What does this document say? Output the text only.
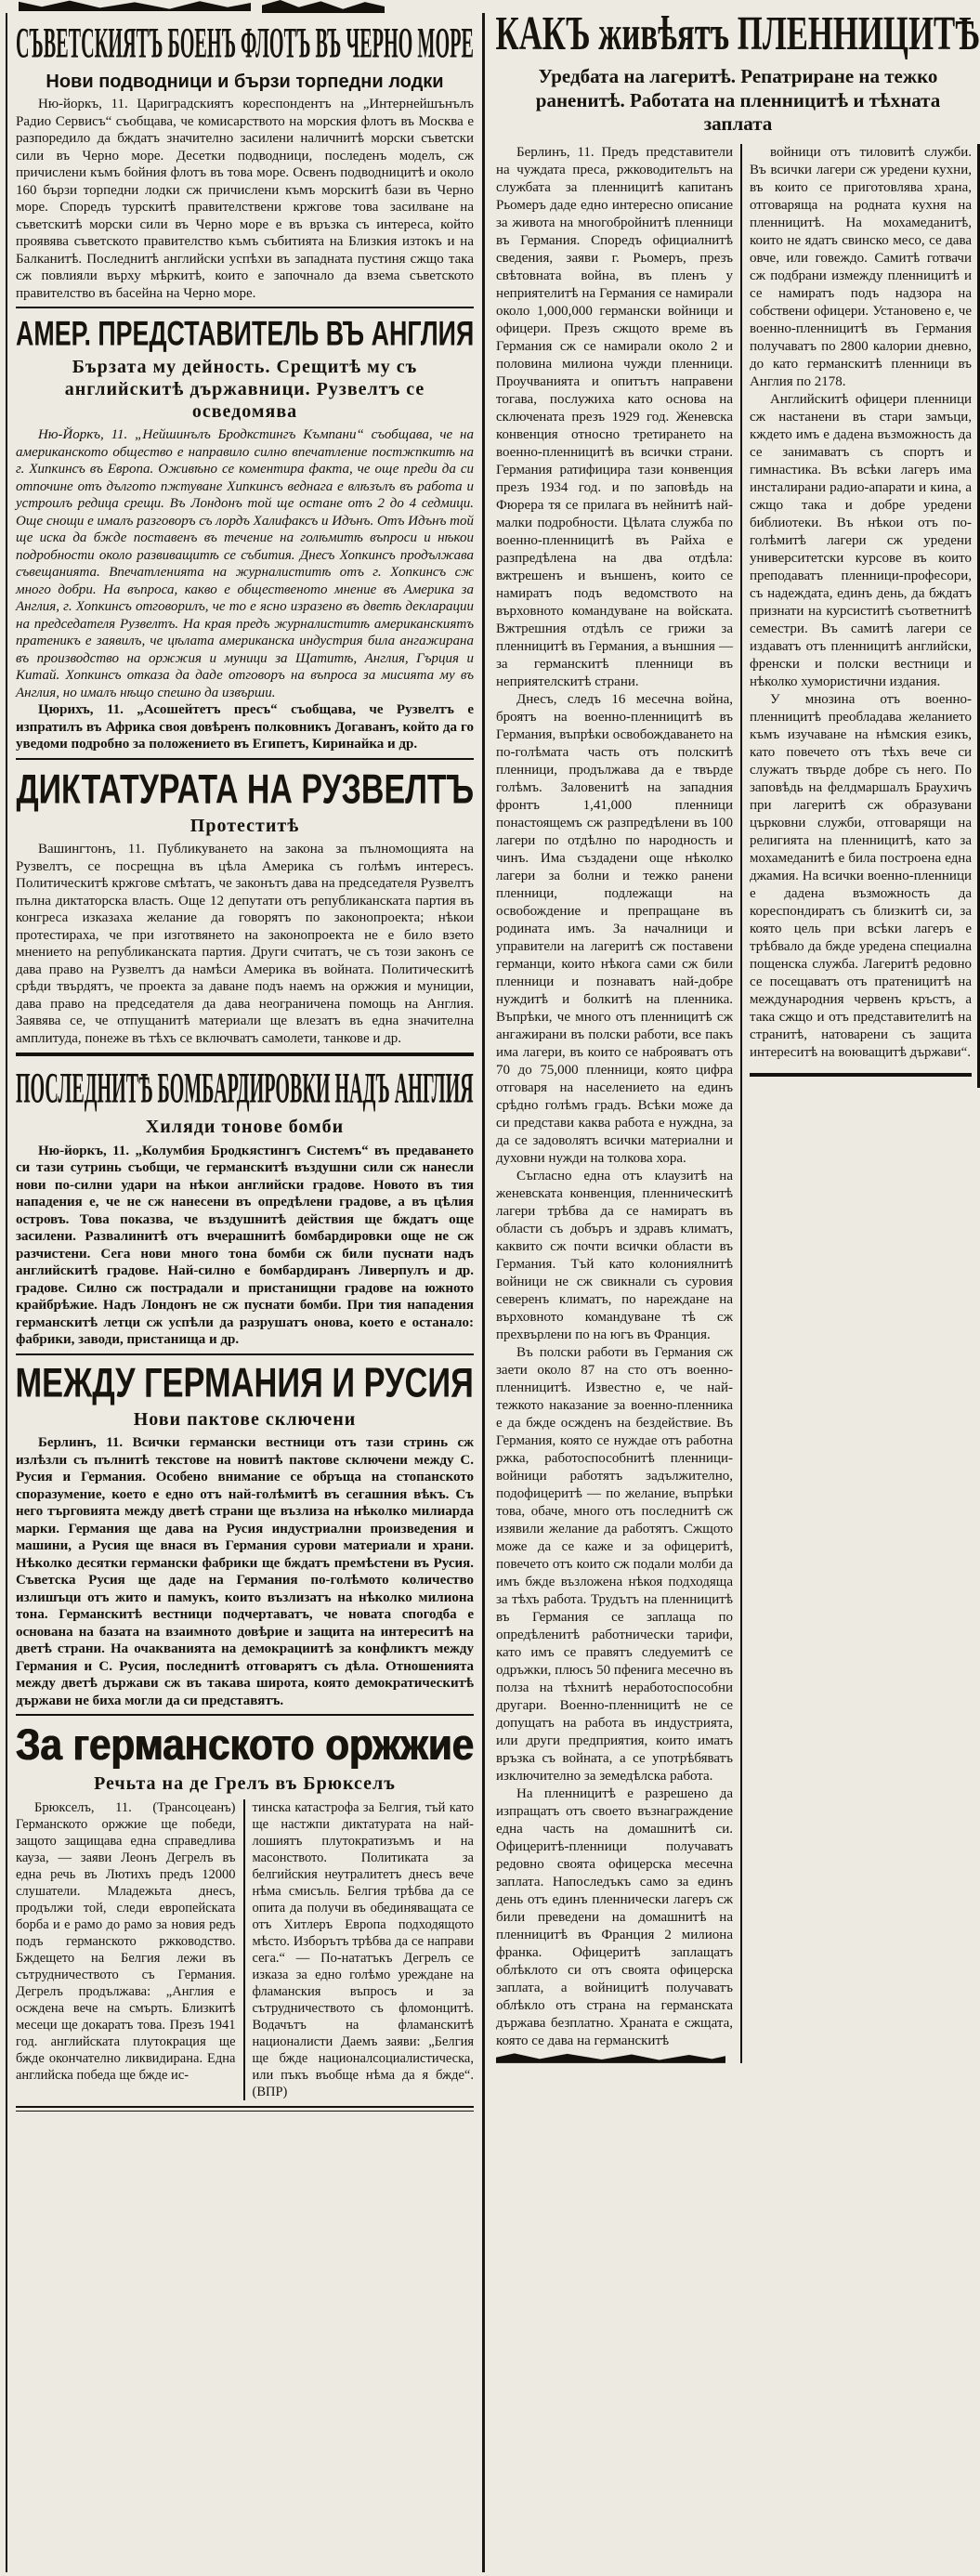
СЪВЕТСКИЯТЪ БОЕНЪ ФЛОТЪ ВЪ ЧЕРНО МОРЕ
Нови подводници и бързи торпедни лодки

Ню-йоркъ, 11. Цариградскиятъ кореспондентъ на „Интернейшънълъ Радио Сервисъ“ съобщава, че комисарството на морския флотъ въ Москва е разпоредило да бждатъ значително засилени наличнитѣ морски съветски сили въ Черно море. Десетки подводници, последенъ моделъ, сж причислени къмъ бойния флотъ въ това море. Освенъ подводницитѣ и около 160 бързи торпедни лодки сж причислени къмъ морскитѣ бази въ Черно море. Споредъ турскитѣ правителствени кржгове това засилване на съветскитѣ морски сили въ Черно море е въ връзка съ интереса, който проявява съветското правителство къмъ събитията на Близкия изтокъ и на Балканитѣ. Последнитѣ английски успѣхи въ западната пустиня сжщо така сж повлияли върху мѣркитѣ, които е започнало да взема съветското правителство въ басейна на Черно море.

АМЕР. ПРЕДСТАВИТЕЛЬ ВЪ АНГЛИЯ
Бързата му дейность. Срещитѣ му съ английскитѣ държавници. Рузвелтъ се осведомява

Ню-Йоркъ, 11. „Нейшинълъ Бродкстингъ Къмпани“ съобщава, че на американското общество е направило силно впечатление постжпкитѣ на г. Хипкинсъ въ Европа. Оживѣно се коментира факта, че още преди да си отпочине отъ дългото пжтуване Хипкинсъ веднага е влѣзълъ въ работа и устроилъ редица срещи. Въ Лондонъ той ще остане отъ 2 до 4 седмици. Още снощи е ималъ разговоръ съ лордъ Халифаксъ и Идънъ. Отъ Идънъ той ще иска да бжде поставенъ въ течение на голѣмитѣ въпроси и нѣкои подробности около развиващитѣ се събития. Днесъ Хопкинсъ продължава съвещанията. Впечатленията на журналиститѣ отъ г. Хопкинсъ сж много добри. На въпроса, какво е общественото мнение въ Америка за Англия, г. Хопкинсъ отговорилъ, че то е ясно изразено въ дветѣ декларации на председателя Рузвелтъ. На края предъ журналиститѣ американскиятъ пратеникъ е заявилъ, че цѣлата американска индустрия била ангажирана въ производство на оржжия и муници за Щатитѣ, Англия, Гърция и Китай. Хопкинсъ отказа да даде отговоръ на въпроса за мисията му въ Англия, но ималъ нѣщо спешно да извърши.

Цюрихъ, 11. „Асошейтетъ пресъ“ съобщава, че Рузвелтъ е изпратилъ въ Африка своя довѣренъ полковникъ Догаванъ, който да го уведоми подробно за положението въ Египетъ, Киринайка и др.

ДИКТАТУРАТА НА РУЗВЕЛТЪ
Протеститѣ

Вашингтонъ, 11. Публикуването на закона за пълномощията на Рузвелтъ, се посрещна въ цѣла Америка съ голѣмъ интересъ. Политическитѣ кржгове смѣтатъ, че законътъ дава на председателя Рузвелтъ пълна диктаторска власть. Още 12 депутати отъ републиканската партия въ конгреса изказаха желание да говорятъ по законопроекта; нѣкои протестираха, че при изготвянето на законопроекта не е било взето мнението на републиканската партия. Други считатъ, че съ този законъ се дава право на Рузвелтъ да намѣси Америка въ войната. Политическитѣ срѣди твърдятъ, че проекта за даване подъ наемъ на оржжия и муниции, дава право на председателя да дава неограничена помощь на Англия. Заявява се, че отпущанитѣ материали ще влезатъ въ една значителна амплитуда, понеже въ тѣхъ се включватъ самолети, танкове и др.

ПОСЛЕДНИТѢ БОМБАРДИРОВКИ НАДЪ АНГЛИЯ
Хиляди тонове бомби

Ню-йоркъ, 11. „Колумбия Бродкястингъ Системъ“ въ предаването си тази сутринь съобщи, че германскитѣ въздушни сили сж нанесли нови по-силни удари на нѣкои английски градове. Новото въ тия нападения е, че не сж нанесени въ опредѣлени градове, а въ цѣлия островъ. Това показва, че въздушнитѣ действия ще бждатъ още засилени. Развалинитѣ отъ вчерашнитѣ бомбардировки още не сж разчистени. Сега нови много тона бомби сж били пуснати надъ английскитѣ градове. Най-силно е бомбардиранъ Ливерпулъ и др. градове. Силно сж пострадали и пристанищни градове на южното крайбрѣжие. Надъ Лондонъ не сж пуснати бомби. При тия нападения германскитѣ летци сж успѣли да разрушатъ онова, което е останало: фабрики, заводи, пристанища и др.

МЕЖДУ ГЕРМАНИЯ И РУСИЯ
Нови пактове сключени

Берлинъ, 11. Всички германски вестници отъ тази стринь сж излѣзли съ пълнитѣ текстове на новитѣ пактове сключени между С. Русия и Германия. Особено внимание се обръща на стопанското споразумение, което е едно отъ най-голѣмитѣ въ сегашния вѣкъ. Съ него търговията между дветѣ страни ще възлиза на нѣколко милиарда марки. Германия ще дава на Русия индустриални произведения и машини, а Русия ще внася въ Германия сурови материали и храни. Нѣколко десятки германски фабрики ще бждатъ премѣстени въ Русия. Съветска Русия ще даде на Германия по-голѣмото количество излишъци отъ жито и памукъ, които възлизатъ на нѣколко милиона тона. Германскитѣ вестници подчертаватъ, че новата спогодба е основана на базата на взаимното довѣрие и защита на интереситѣ на дветѣ страни. На очакванията на демокрациитѣ за конфликтъ между Германия и С. Русия, последнитѣ отговарятъ съ дѣла. Отношенията между дветѣ държави сж въ такава широта, която демократическитѣ държави не биха могли да си представятъ.

За германското оржжие
Речьта на де Грелъ въ Брюкселъ

Брюкселъ, 11. (Трансоцеанъ) Германското оржжие ще победи, защото защищава една справедлива кауза, — заяви Леонъ Дегрелъ въ една речь въ Лютихъ предъ 12000 слушатели. Младежьта днесъ, продължи той, следи европейската борба и е рамо до рамо за новия редъ подъ германското ржководство. Бждещето на Белгия лежи въ сътрудничеството съ Германия. Дегрелъ продължава: „Англия е осждена вече на смърть. Близкитѣ месеци ще докаратъ това. Презъ 1941 год. английската плутокрация ще бжде окончателно ликвидирана. Една английска победа ще бжде ис-

тинска катастрофа за Белгия, тъй като ще настжпи диктатурата на най-лошиятъ плутократизъмъ и на масонството. Политиката за белгийския неутралитетъ днесъ вече нѣма смисъль. Белгия трѣбва да се опита да получи въ обединяващата се отъ Хитлеръ Европа подходящото мѣсто. Изборътъ трѣбва да се направи сега.“ — По-нататъкъ Дегрелъ се изказа за едно голѣмо уреждане на фламанския въпросъ и за сътрудничеството съ фломонцитѣ. Водачътъ на фламанскитѣ националисти Даемъ заяви: „Белгия ще бжде националсоциалистическа, или пъкъ въобще нѣма да я бжде“. (ВПР)

КАКЪ живѣятъ ПЛЕННИЦИТѢ
Уредбата на лагеритѣ. Репатриране на тежко раненитѣ. Работата на пленницитѣ и тѣхната заплата

Берлинъ, 11. Предъ представители на чуждата преса, ржководительтъ на службата за пленницитѣ капитанъ Рьомеръ даде едно интересно описание за живота на многобройнитѣ пленници въ Германия. Споредъ официалнитѣ сведения, заяви г. Рьомеръ, презъ свѣтовната война, въ пленъ у неприятелитѣ на Германия се намирали около 1,000,000 германски войници и офицери. Презъ сжщото време въ Германия сж се намирали около 2 и половина милиона чужди пленници. Проучванията и опитътъ направени тогава, послужиха като основа на сключената презъ 1929 год. Женевска конвенция относно третирането на военно-пленницитѣ въ всички страни. Германия ратифицира тази конвенция презъ 1934 год. и по заповѣдь на Фюрера тя се прилага въ нейнитѣ най-малки подробности. Цѣлата служба по военно-пленницитѣ въ Райха е разпредѣлена на два отдѣла: вжтрешенъ и външенъ, които се намиратъ подъ ведомството на върховното командуване на войската. Вжтрешния отдѣлъ се грижи за пленницитѣ въ Германия, а външния — за германскитѣ пленници въ неприятелскитѣ страни.

Днесъ, следъ 16 месечна война, броятъ на военно-пленницитѣ въ Германия, въпрѣки освобождаването на по-голѣмата часть отъ полскитѣ пленници, продължава да е твърде голѣмъ. Заловенитѣ на западния фронтъ 1,41,000 пленници понастоящемъ сж разпредѣлени въ 100 лагери по отдѣлно по народность и чинъ. Има създадени още нѣколко лагери за болни и тежко ранени пленници, подлежащи на освобождение и препращане въ родината имъ. За началници и управители на лагеритѣ сж поставени германци, които нѣкога сами сж били пленници и познаватъ най-добре нуждитѣ и болкитѣ на пленника. Въпрѣки, че много отъ пленницитѣ сж ангажирани въ полски работи, все пакъ има лагери, въ които се наброяватъ отъ 70 до 75,000 пленници, която цифра отговаря на населението на единъ срѣдно голѣмъ градъ. Всѣки може да си представи каква работа е нуждна, за да се задоволятъ всички материални и духовни нужди на толкова хора.

Съгласно една отъ клаузитѣ на женевската конвенция, пленническитѣ лагери трѣбва да се намиратъ въ области съ добъръ и здравъ климатъ, каквито сж почти всички области въ Германия. Тъй като колониялнитѣ войници не сж свикнали съ суровия северенъ климатъ, по нареждане на върховното командуване тѣ сж прехвърлени по на югъ въ Франция.

Въ полски работи въ Германия сж заети около 87 на сто отъ военно-пленницитѣ. Известно е, че най-тежкото наказание за военно-пленника е да бжде осжденъ на бездействие. Въ Германия, която се нуждае отъ работна ржка, работоспособнитѣ пленници-войници работятъ задължително, подофицеритѣ — по желание, въпрѣки това, обаче, много отъ последнитѣ сж изявили желание да работятъ. Сжщото може да се каже и за офицеритѣ, повечето отъ които сж подали молби да имъ бжде възложена нѣкоя подходяща за тѣхъ работа. Трудътъ на пленницитѣ въ Германия се заплаща по опредѣленитѣ работнически тарифи, като имъ се правятъ следуемитѣ се одръжки, плюсъ 50 пфенига месечно въ полза на тѣхнитѣ неработоспособни другари. Военно-пленницитѣ не се допущатъ на работа въ индустрията, или други предприятия, които иматъ връзка съ войната, а се употрѣбяватъ изключително за земедѣлска работа.

На пленницитѣ е разрешено да изпращатъ отъ своето възнаграждение една часть на домашнитѣ си. Офицеритѣ-пленници получаватъ редовно своята офицерска месечна заплата. Напоследъкъ само за единъ день отъ единъ пленнически лагеръ сж били преведени на домашнитѣ на пленницитѣ въ Франция 2 милиона франка. Офицеритѣ заплащатъ облѣклото си отъ своята офицерска заплата, а войницитѣ получаватъ облѣкло отъ страна на германската държава безплатно. Храната е сжщата, която се дава на германскитѣ

войници отъ тиловитѣ служби. Въ всички лагери сж уредени кухни, въ които се приготовлява храна, отговаряща на родната кухня на пленницитѣ. На мохамеданитѣ, които не ядатъ свинско месо, се дава овче, или говеждо. Самитѣ готвачи сж подбрани измежду пленницитѣ и се намиратъ подъ надзора на собствени офицери. Установено е, че военно-пленницитѣ въ Германия получаватъ по 2800 калории дневно, до като германскитѣ пленници въ Англия по 2178.

Английскитѣ офицери пленници сж настанени въ стари замъци, кждето имъ е дадена възможность да се занимаватъ съ спортъ и гимнастика. Въ всѣки лагеръ има инсталирани радио-апарати и кина, а сжщо така и добре уредени библиотеки. Въ нѣкои отъ по-голѣмитѣ лагери сж уредени университетски курсове въ които преподаватъ пленници-професори, съ надеждата, единъ день, да бждатъ признати на курсиститѣ съответнитѣ семестри. Въ самитѣ лагери се издаватъ отъ пленницитѣ английски, френски и полски вестници и нѣколко хумористични издания.

У мнозина отъ военно-пленницитѣ преобладава желанието къмъ изучаване на нѣмския езикъ, като повечето отъ тѣхъ вече си служатъ твърде добре съ него. По заповѣдь на фелдмаршалъ Браухичъ при лагеритѣ сж образувани църковни служби, отговарящи на религията на пленницитѣ, като за мохамеданитѣ е била построена една джамия. На всички военно-пленници е дадена възможность да кореспондиратъ съ близкитѣ си, за която цель при всѣки лагеръ е трѣбвало да бжде уредена специална пощенска служба. Лагеритѣ редовно се посещаватъ отъ пратеницитѣ на международния червенъ кръстъ, а така сжщо и отъ представителитѣ на странитѣ, натоварени съ защита интереситѣ на воюващитѣ държави“.
